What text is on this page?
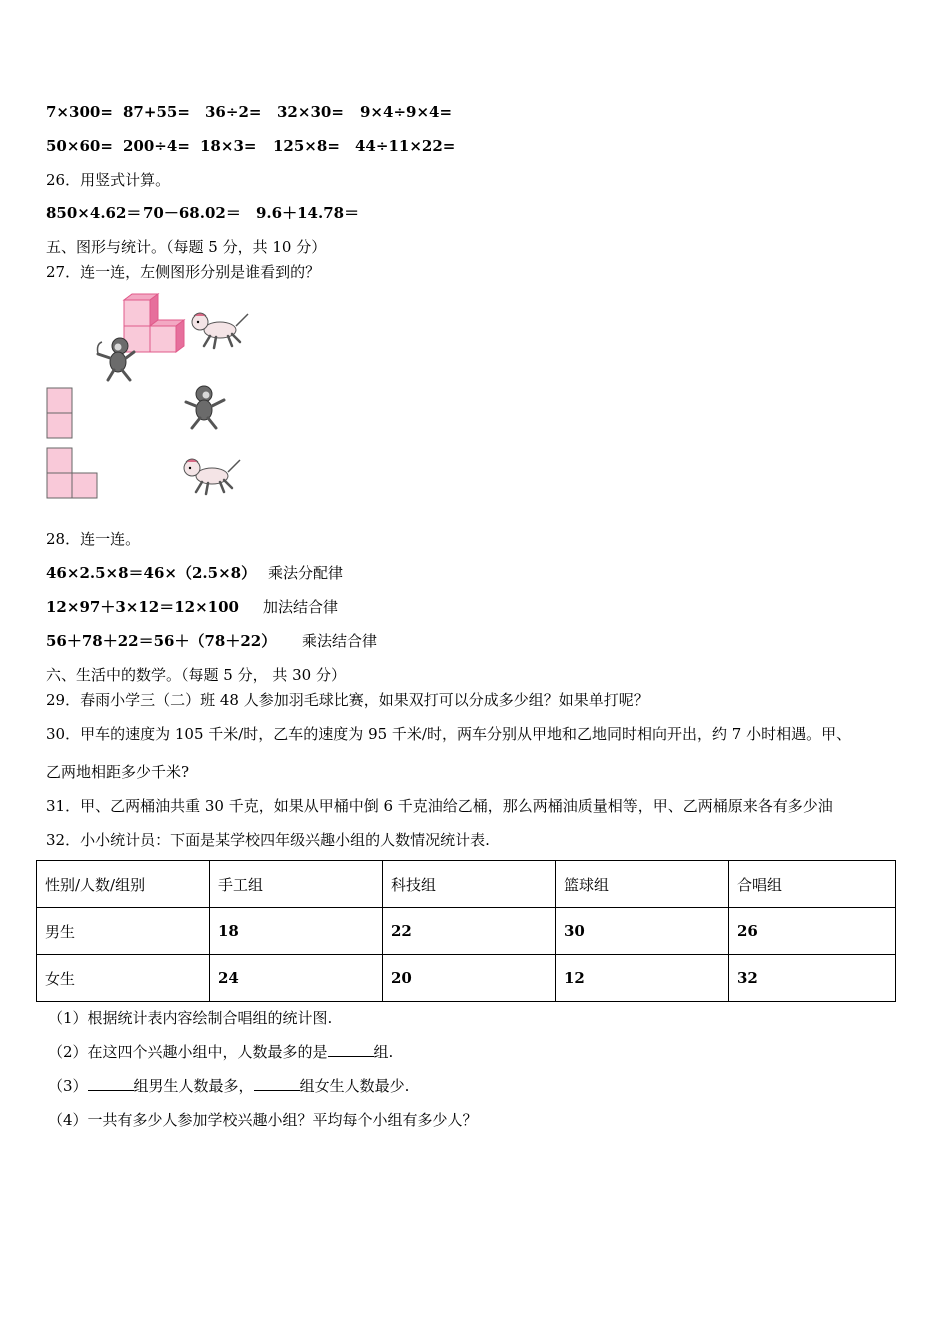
7×300= 87+55= 36÷2= 32×30= 9×4÷9×4=
50×60= 200÷4= 18×3= 125×8= 44÷11×22=
26．用竖式计算。
850×4.62＝ 70－68.02＝ 9.6＋14.78＝
五、图形与统计。（每题 5 分，共 10 分）
27．连一连，左侧图形分别是谁看到的？
28．连一连。
46×2.5×8＝46×（2.5×8） 乘法分配律
12×97＋3×12＝12×100 加法结合律
56＋78＋22＝56＋（78＋22） 乘法结合律
六、生活中的数学。（每题 5 分， 共 30 分）
29．春雨小学三（二）班 48 人参加羽毛球比赛，如果双打可以分成多少组？如果单打呢？
30．甲车的速度为 105 千米/时，乙车的速度为 95 千米/时，两车分别从甲地和乙地同时相向开出，约 7 小时相遇。甲、
乙两地相距多少千米?
31．甲、乙两桶油共重 30 千克，如果从甲桶中倒 6 千克油给乙桶，那么两桶油质量相等，甲、乙两桶原来各有多少油
32．小小统计员：下面是某学校四年级兴趣小组的人数情况统计表.
性别/人数/组别	手工组	科技组	篮球组	合唱组
男生	18	22	30	26
女生	24	20	12	32
（1）根据统计表内容绘制合唱组的统计图.
（2）在这四个兴趣小组中，人数最多的是	组.
（3）	组男生人数最多，	组女生人数最少.
（4）一共有多少人参加学校兴趣小组？平均每个小组有多少人？
